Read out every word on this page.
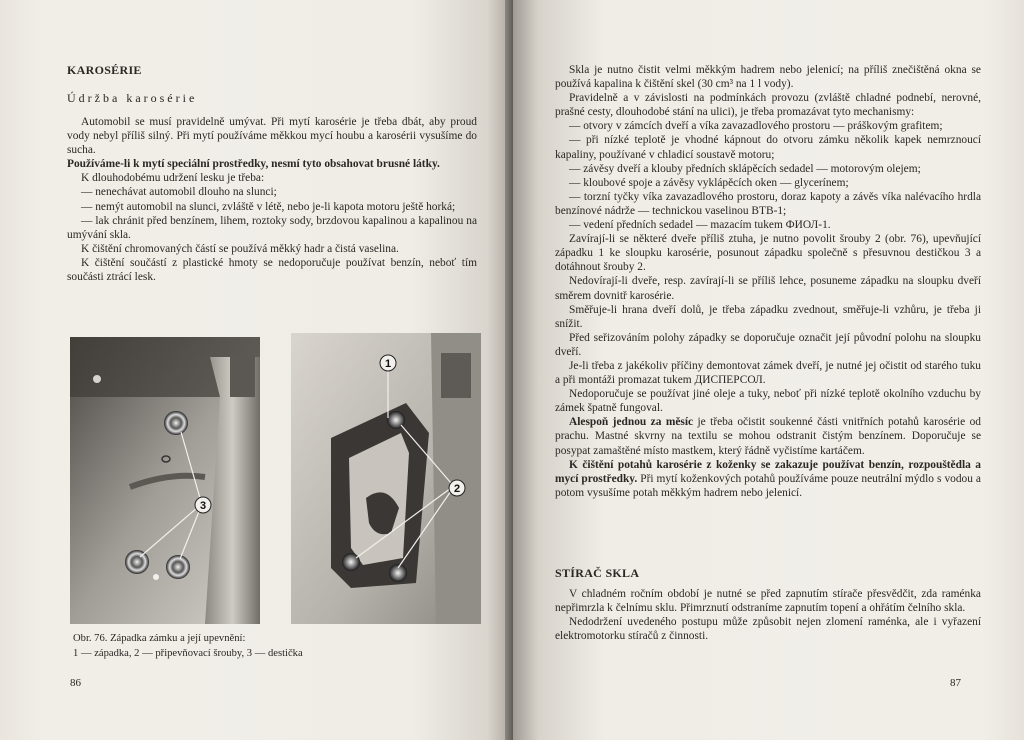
KAROSÉRIE
Údržba karosérie

Automobil se musí pravidelně umývat. Při mytí karosérie je třeba dbát, aby proud vody nebyl příliš silný. Při mytí používáme měkkou mycí houbu a karosérii vysušíme do sucha.

Používáme-li k mytí speciální prostředky, nesmí tyto obsahovat brusné látky.

K dlouhodobému udržení lesku je třeba:

— nenechávat automobil dlouho na slunci;

— nemýt automobil na slunci, zvláště v létě, nebo je-li kapota motoru ještě horká;

— lak chránit před benzínem, lihem, roztoky sody, brzdovou kapalinou a kapalinou na umývání skla.

K čištění chromovaných částí se používá měkký hadr a čistá vaselina.

K čištění součástí z plastické hmoty se nedoporučuje používat benzín, neboť tím součásti ztrácí lesk.

3
1
2
Obr. 76. Západka zámku a její upevnění:
1 — západka, 2 — připevňovací šrouby, 3 — destička
86

Skla je nutno čistit velmi měkkým hadrem nebo jelenicí; na příliš znečištěná okna se používá kapalina k čištění skel (30 cm³ na 1 l vody).

Pravidelně a v závislosti na podmínkách provozu (zvláště chladné podnebí, nerovné, prašné cesty, dlouhodobé stání na ulici), je třeba promazávat tyto mechanismy:

— otvory v zámcích dveří a víka zavazadlového prostoru — práškovým grafitem;

— při nízké teplotě je vhodné kápnout do otvoru zámku několik kapek nemrznoucí kapaliny, používané v chladicí soustavě motoru;

— závěsy dveří a klouby předních sklápěcích sedadel — motorovým olejem;

— kloubové spoje a závěsy vyklápěcích oken — glycerínem;

— torzní tyčky víka zavazadlového prostoru, doraz kapoty a závěs víka nalévacího hrdla benzínové nádrže — technickou vaselinou BTB-1;

— vedení předních sedadel — mazacím tukem ФИОЛ-1.

Zavírají-li se některé dveře příliš ztuha, je nutno povolit šrouby 2 (obr. 76), upevňující západku 1 ke sloupku karosérie, posunout západku společně s přesuvnou destičkou 3 a dotáhnout šrouby 2.

Nedovírají-li dveře, resp. zavírají-li se příliš lehce, posuneme západku na sloupku dveří směrem dovnitř karosérie.

Směřuje-li hrana dveří dolů, je třeba západku zvednout, směřuje-li vzhůru, je třeba ji snížit.

Před seřizováním polohy západky se doporučuje označit její původní polohu na sloupku dveří.

Je-li třeba z jakékoliv příčiny demontovat zámek dveří, je nutné jej očistit od starého tuku a při montáži promazat tukem ДИСПЕРСОЛ.

Nedoporučuje se používat jiné oleje a tuky, neboť při nízké teplotě okolního vzduchu by zámek špatně fungoval.

Alespoň jednou za měsíc je třeba očistit soukenné části vnitřních potahů karosérie od prachu. Mastné skvrny na textilu se mohou odstranit čistým benzínem. Doporučuje se posypat zamaštěné místo mastkem, který řádně vyčistíme kartáčem.

K čištění potahů karosérie z koženky se zakazuje používat benzín, rozpouštědla a mycí prostředky. Při mytí koženkových potahů používáme pouze neutrální mýdlo s vodou a potom vysušíme potah měkkým hadrem nebo jelenicí.

STÍRAČ SKLA

V chladném ročním období je nutné se před zapnutím stírače přesvědčit, zda raménka nepřimrzla k čelnímu sklu. Přimrznutí odstraníme zapnutím topení a ohřátím čelního skla.

Nedodržení uvedeného postupu může způsobit nejen zlomení raménka, ale i vyřazení elektromotorku stíračů z činnosti.

87
